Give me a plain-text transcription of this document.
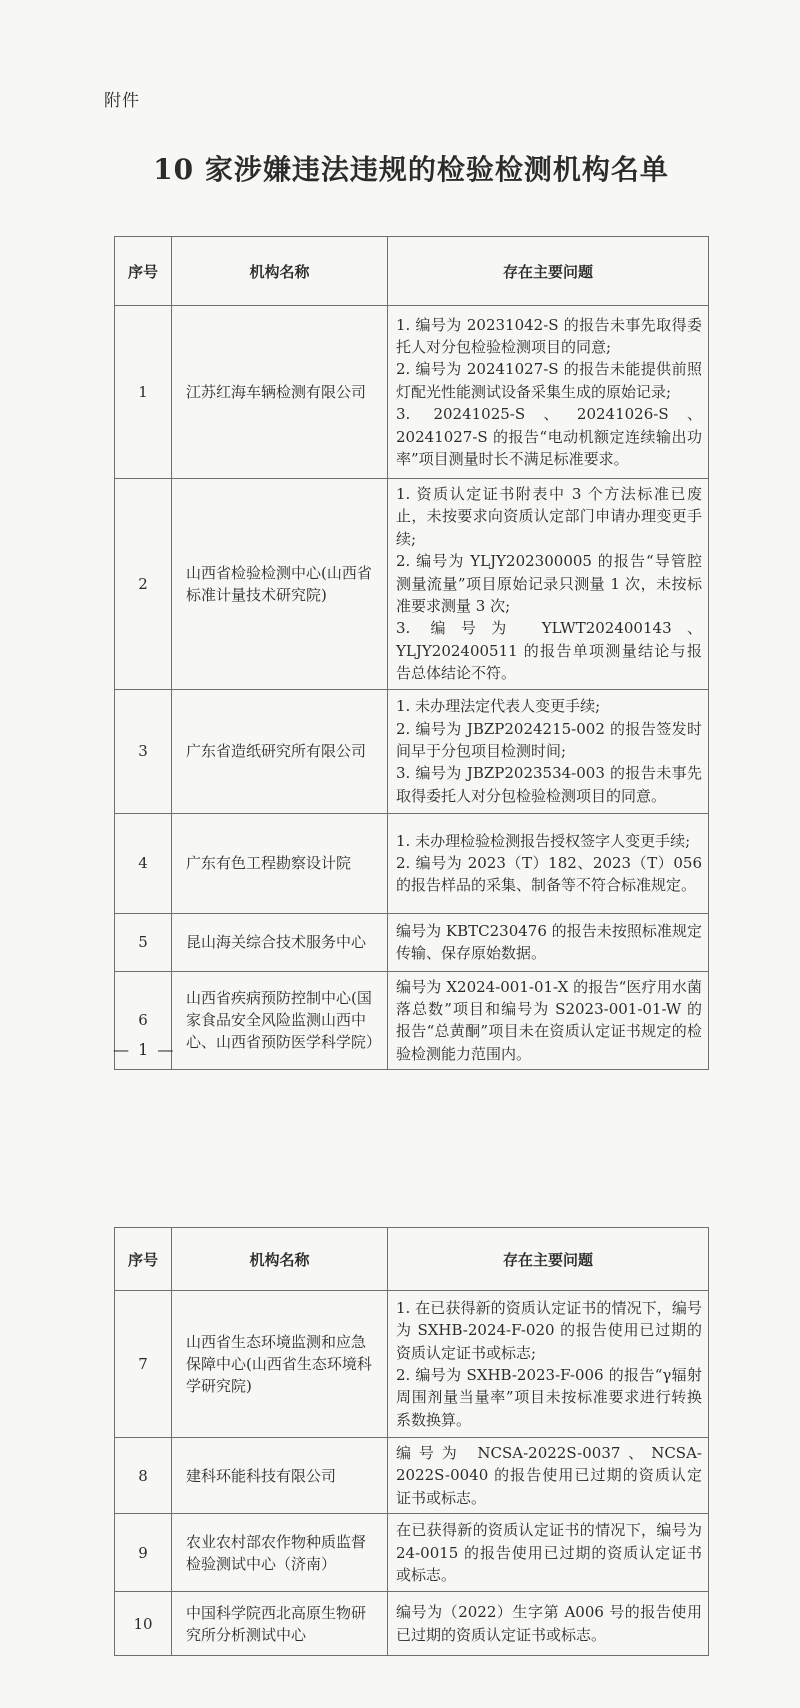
附件
10 家涉嫌违法违规的检验检测机构名单
序号	机构名称	存在主要问题
1	江苏红海车辆检测有限公司	1. 编号为 20231042-S 的报告未事先取得委托人对分包检验检测项目的同意;

2. 编号为 20241027-S 的报告未能提供前照灯配光性能测试设备采集生成的原始记录;

3. 20241025-S、20241026-S、20241027-S 的报告“电动机额定连续输出功率”项目测量时长不满足标准要求。

2	山西省检验检测中心(山西省标准计量技术研究院)	1. 资质认定证书附表中 3 个方法标准已废止，未按要求向资质认定部门申请办理变更手续;

2. 编号为 YLJY202300005 的报告“导管腔测量流量”项目原始记录只测量 1 次，未按标准要求测量 3 次;

3. 编号为 YLWT202400143、YLJY202400511 的报告单项测量结论与报告总体结论不符。

3	广东省造纸研究所有限公司	1. 未办理法定代表人变更手续;

2. 编号为 JBZP2024215-002 的报告签发时间早于分包项目检测时间;

3. 编号为 JBZP2023534-003 的报告未事先取得委托人对分包检验检测项目的同意。

4	广东有色工程勘察设计院	1. 未办理检验检测报告授权签字人变更手续;

2. 编号为 2023（T）182、2023（T）056 的报告样品的采集、制备等不符合标准规定。

5	昆山海关综合技术服务中心	编号为 KBTC230476 的报告未按照标准规定传输、保存原始数据。

6	山西省疾病预防控制中心(国家食品安全风险监测山西中心、山西省预防医学科学院）	编号为 X2024-001-01-X 的报告“医疗用水菌落总数”项目和编号为 S2023-001-01-W 的报告“总黄酮”项目未在资质认定证书规定的检验检测能力范围内。

— 1 —
序号	机构名称	存在主要问题
7	山西省生态环境监测和应急保障中心(山西省生态环境科学研究院)	1. 在已获得新的资质认定证书的情况下，编号为 SXHB-2024-F-020 的报告使用已过期的资质认定证书或标志;

2. 编号为 SXHB-2023-F-006 的报告“γ辐射周围剂量当量率”项目未按标准要求进行转换系数换算。

8	建科环能科技有限公司	编号为 NCSA-2022S-0037、NCSA-2022S-0040 的报告使用已过期的资质认定证书或标志。

9	农业农村部农作物种质监督检验测试中心（济南）	在已获得新的资质认定证书的情况下，编号为 24-0015 的报告使用已过期的资质认定证书或标志。

10	中国科学院西北高原生物研究所分析测试中心	编号为（2022）生字第 A006 号的报告使用已过期的资质认定证书或标志。
